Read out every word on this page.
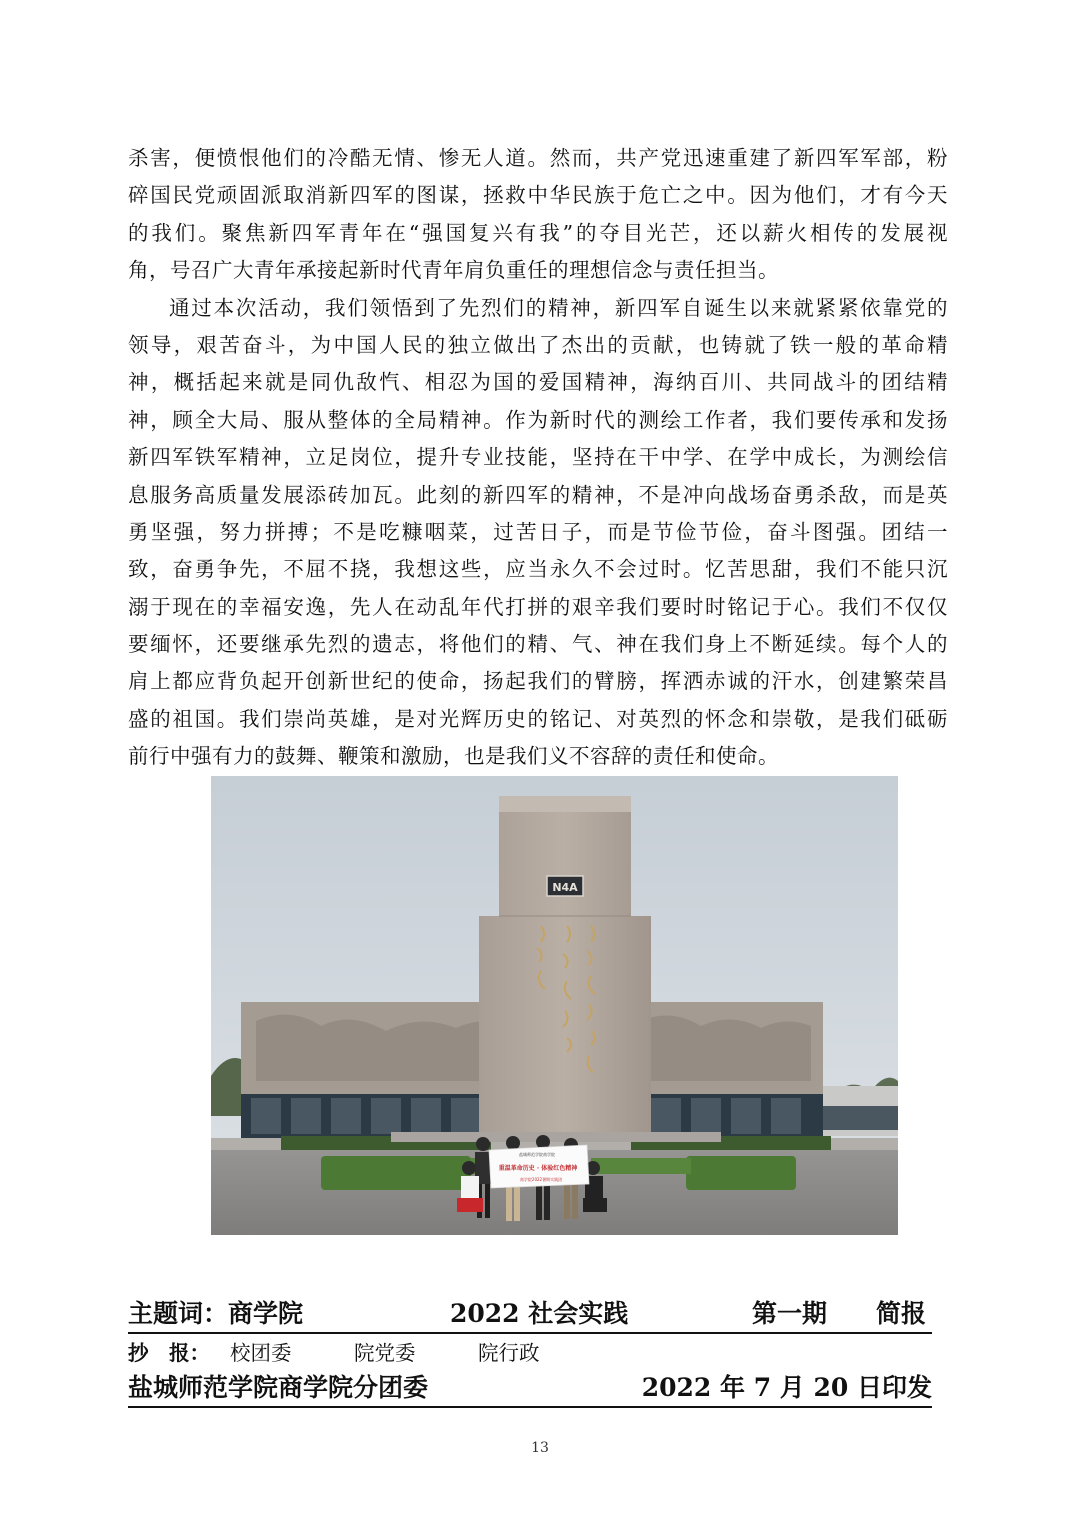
杀害，便愤恨他们的冷酷无情、惨无人道。然而，共产党迅速重建了新四军军部，粉
碎国民党顽固派取消新四军的图谋，拯救中华民族于危亡之中。因为他们，才有今天
的我们。聚焦新四军青年在“强国复兴有我”的夺目光芒，还以薪火相传的发展视
角，号召广大青年承接起新时代青年肩负重任的理想信念与责任担当。
通过本次活动，我们领悟到了先烈们的精神，新四军自诞生以来就紧紧依靠党的
领导，艰苦奋斗，为中国人民的独立做出了杰出的贡献，也铸就了铁一般的革命精
神，概括起来就是同仇敌忾、相忍为国的爱国精神，海纳百川、共同战斗的团结精
神，顾全大局、服从整体的全局精神。作为新时代的测绘工作者，我们要传承和发扬
新四军铁军精神，立足岗位，提升专业技能，坚持在干中学、在学中成长，为测绘信
息服务高质量发展添砖加瓦。此刻的新四军的精神，不是冲向战场奋勇杀敌，而是英
勇坚强，努力拼搏；不是吃糠咽菜，过苦日子，而是节俭节俭，奋斗图强。团结一
致，奋勇争先，不屈不挠，我想这些，应当永久不会过时。忆苦思甜，我们不能只沉
溺于现在的幸福安逸，先人在动乱年代打拼的艰辛我们要时时铭记于心。我们不仅仅
要缅怀，还要继承先烈的遗志，将他们的精、气、神在我们身上不断延续。每个人的
肩上都应背负起开创新世纪的使命，扬起我们的臂膀，挥洒赤诚的汗水，创建繁荣昌
盛的祖国。我们崇尚英雄，是对光辉历史的铭记、对英烈的怀念和崇敬，是我们砥砺
前行中强有力的鼓舞、鞭策和激励，也是我们义不容辞的责任和使命。
N4A
盐城师范学院商学院
重温革命历史 · 体验红色精神
商学院2022暑期实践团
主题词：商学院	2022 社会实践	第一期 简报
抄　报： 校团委	院党委	院行政
盐城师范学院商学院分团委	2022 年 7 月 20 日印发
13
